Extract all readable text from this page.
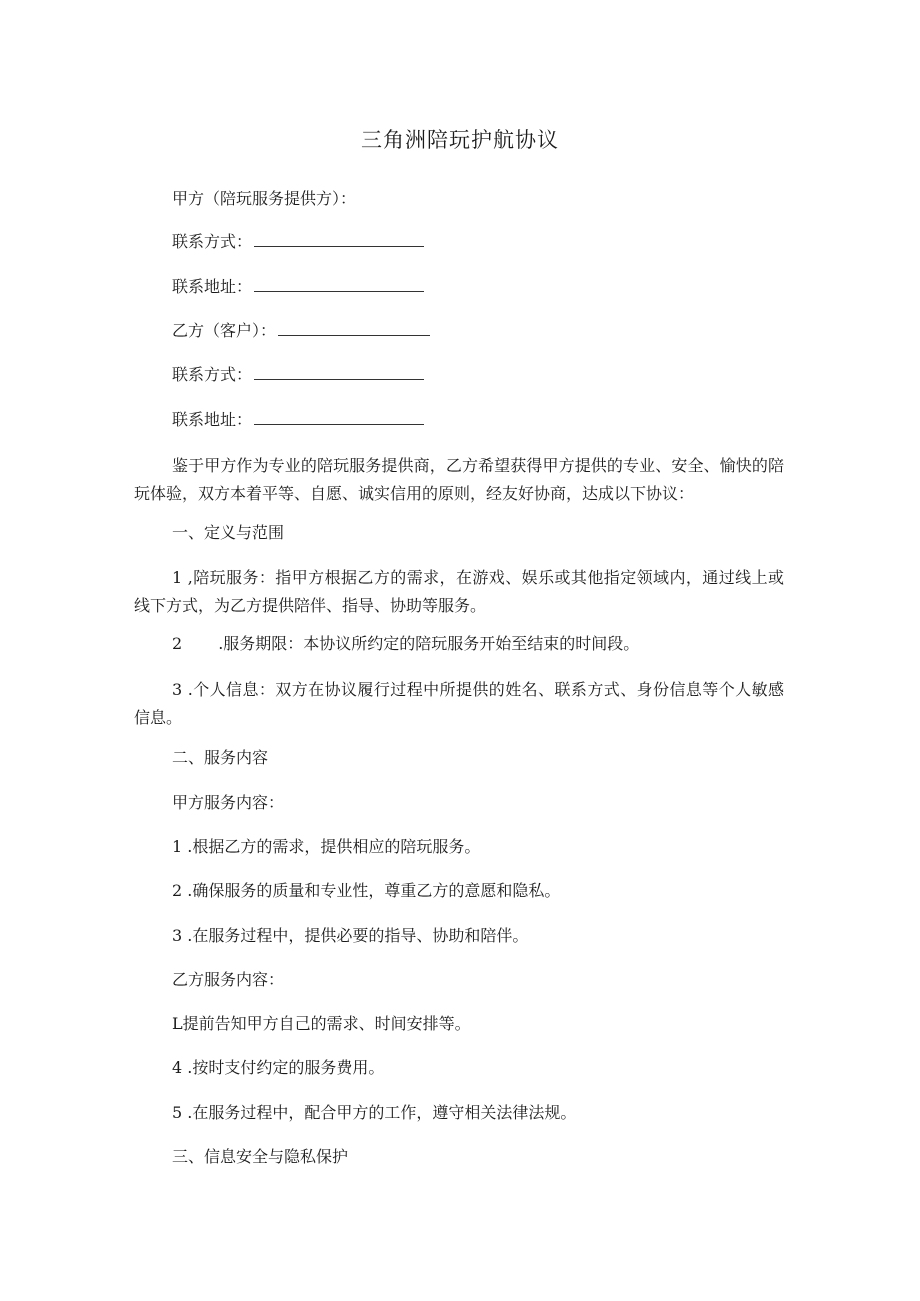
三角洲陪玩护航协议
甲方（陪玩服务提供方）：
联系方式：
联系地址：
乙方（客户）：
联系方式：
联系地址：
鉴于甲方作为专业的陪玩服务提供商，乙方希望获得甲方提供的专业、安全、愉快的陪玩体验，双方本着平等、自愿、诚实信用的原则，经友好协商，达成以下协议：
一、定义与范围
1 ,陪玩服务：指甲方根据乙方的需求，在游戏、娱乐或其他指定领域内，通过线上或线下方式，为乙方提供陪伴、指导、协助等服务。
2 .服务期限：本协议所约定的陪玩服务开始至结束的时间段。
3 .个人信息：双方在协议履行过程中所提供的姓名、联系方式、身份信息等个人敏感信息。
二、服务内容
甲方服务内容：
1 .根据乙方的需求，提供相应的陪玩服务。
2 .确保服务的质量和专业性，尊重乙方的意愿和隐私。
3 .在服务过程中，提供必要的指导、协助和陪伴。
乙方服务内容：
L提前告知甲方自己的需求、时间安排等。
4 .按时支付约定的服务费用。
5 .在服务过程中，配合甲方的工作，遵守相关法律法规。
三、信息安全与隐私保护
